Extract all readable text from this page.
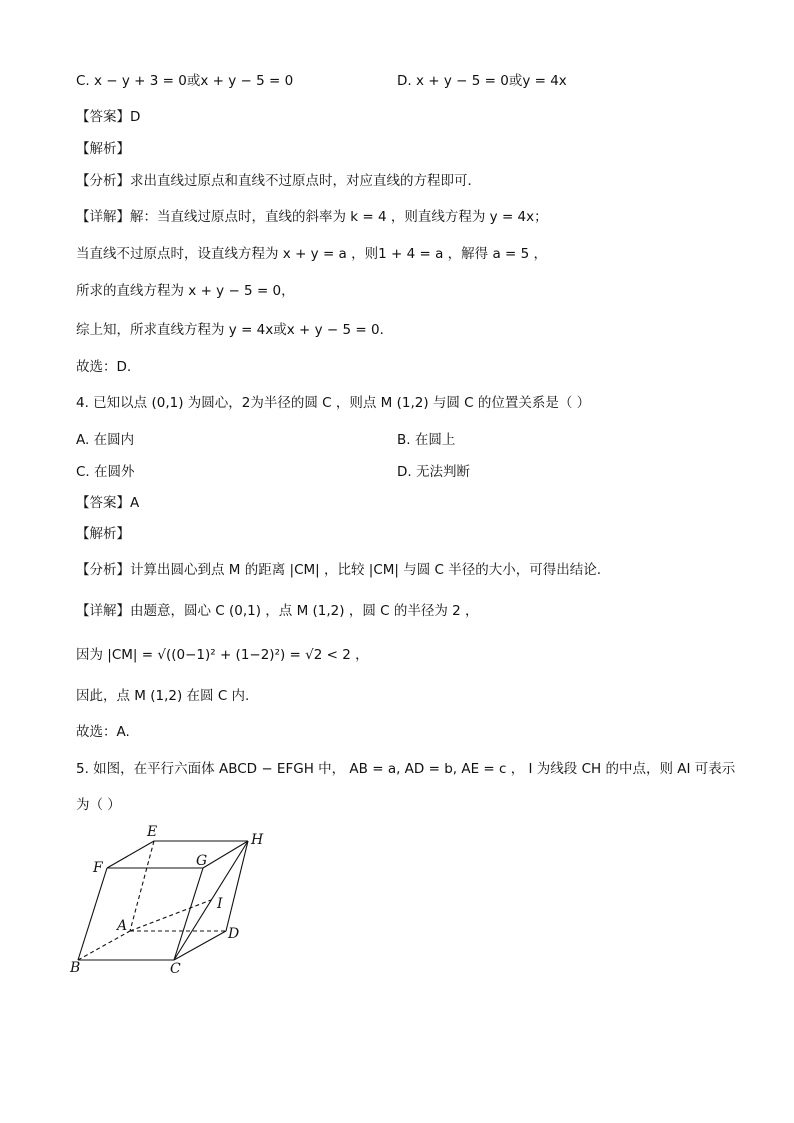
C. x − y + 3 = 0或x + y − 5 = 0	D. x + y − 5 = 0或y = 4x
【答案】D
【解析】
【分析】求出直线过原点和直线不过原点时，对应直线的方程即可．
【详解】解：当直线过原点时，直线的斜率为 k = 4 ，则直线方程为 y = 4x；
当直线不过原点时，设直线方程为 x + y = a ，则1 + 4 = a ，解得 a = 5 ，
所求的直线方程为 x + y − 5 = 0，
综上知，所求直线方程为 y = 4x或x + y − 5 = 0．
故选：D.
4. 已知以点 (0,1) 为圆心，2为半径的圆 C ，则点 M (1,2) 与圆 C 的位置关系是（ ）
A. 在圆内	B. 在圆上
C. 在圆外	D. 无法判断
【答案】A
【解析】
【分析】计算出圆心到点 M 的距离 |CM| ，比较 |CM| 与圆 C 半径的大小，可得出结论.
【详解】由题意，圆心 C (0,1) ，点 M (1,2) ，圆 C 的半径为 2 ，
因为 |CM| = √((0−1)² + (1−2)²) = √2 < 2 ，
因此，点 M (1,2) 在圆 C 内.
故选：A.
5. 如图，在平行六面体 ABCD − EFGH 中， AB = a, AD = b, AE = c ， I 为线段 CH 的中点，则 AI 可表示
为（ ）
E	H
F	G
I
A	D
B	C
